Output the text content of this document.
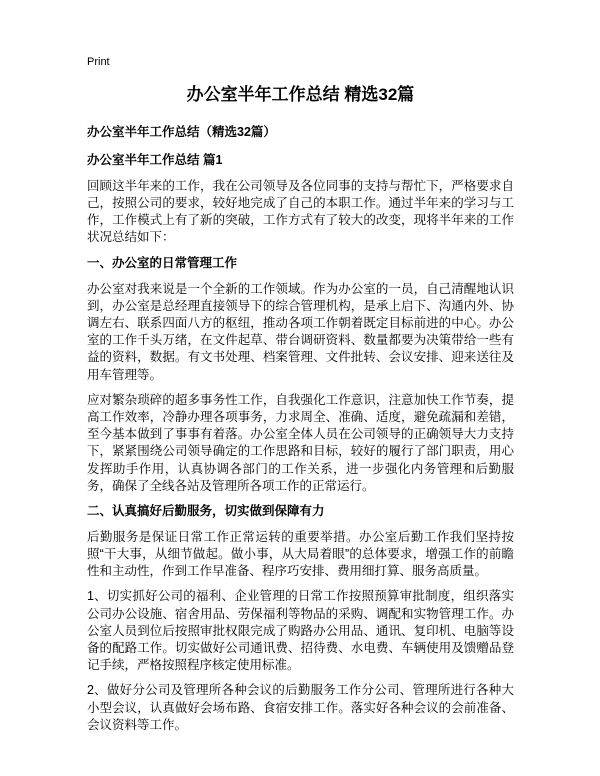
Print
办公室半年工作总结 精选32篇
办公室半年工作总结（精选32篇）
办公室半年工作总结 篇1

回顾这半年来的工作，我在公司领导及各位同事的支持与帮忙下，严格要求自己，按照公司的要求，较好地完成了自己的本职工作。通过半年来的学习与工作，工作模式上有了新的突破，工作方式有了较大的改变，现将半年来的工作状况总结如下：

一、办公室的日常管理工作

办公室对我来说是一个全新的工作领域。作为办公室的一员，自己清醒地认识到，办公室是总经理直接领导下的综合管理机构，是承上启下、沟通内外、协调左右、联系四面八方的枢纽，推动各项工作朝着既定目标前进的中心。办公室的工作千头万绪，在文件起草、带台调研资料、数量都要为决策带给一些有益的资料，数据。有文书处理、档案管理、文件批转、会议安排、迎来送往及用车管理等。

应对繁杂琐碎的超多事务性工作，自我强化工作意识，注意加快工作节奏，提高工作效率，冷静办理各项事务，力求周全、准确、适度，避免疏漏和差错，至今基本做到了事事有着落。办公室全体人员在公司领导的正确领导大力支持下，紧紧围绕公司领导确定的工作思路和目标，较好的履行了部门职责，用心发挥助手作用，认真协调各部门的工作关系，进一步强化内务管理和后勤服务，确保了全线各站及管理所各项工作的正常运行。

二、认真搞好后勤服务，切实做到保障有力

后勤服务是保证日常工作正常运转的重要举措。办公室后勤工作我们坚持按照“干大事，从细节做起。做小事，从大局着眼”的总体要求，增强工作的前瞻性和主动性，作到工作早准备、程序巧安排、费用细打算、服务高质量。

1、切实抓好公司的福利、企业管理的日常工作按照预算审批制度，组织落实公司办公设施、宿舍用品、劳保福利等物品的采购、调配和实物管理工作。办公室人员到位后按照审批权限完成了购路办公用品、通讯、复印机、电脑等设备的配路工作。切实做好公司通讯费、招待费、水电费、车辆使用及馈赠品登记手续，严格按照程序核定使用标准。

2、做好分公司及管理所各种会议的后勤服务工作分公司、管理所进行各种大小型会议，认真做好会场布路、食宿安排工作。落实好各种会议的会前准备、会议资料等工作。
